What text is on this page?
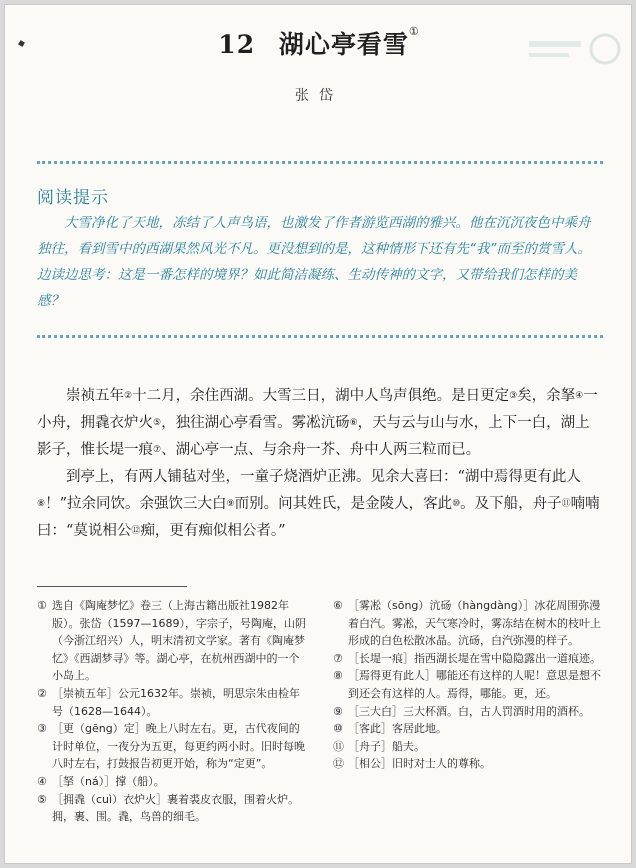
12 湖心亭看雪①
张岱
阅读提示

大雪净化了天地，冻结了人声鸟语，也激发了作者游览西湖的雅兴。他在沉沉夜色中乘舟独往，看到雪中的西湖果然风光不凡。更没想到的是，这种情形下还有先“我”而至的赏雪人。边读边思考：这是一番怎样的境界？如此简洁凝练、生动传神的文字，又带给我们怎样的美感？

崇祯五年②十二月，余住西湖。大雪三日，湖中人鸟声俱绝。是日更定③矣，余拏④一小舟，拥毳衣炉火⑤，独往湖心亭看雪。雾凇沆砀⑥，天与云与山与水，上下一白，湖上影子，惟长堤一痕⑦、湖心亭一点、与余舟一芥、舟中人两三粒而已。

到亭上，有两人铺毡对坐，一童子烧酒炉正沸。见余大喜曰：“湖中焉得更有此人⑧！”拉余同饮。余强饮三大白⑨而别。问其姓氏，是金陵人，客此⑩。及下船，舟子⑪喃喃曰：“莫说相公⑫痴，更有痴似相公者。”

① 选自《陶庵梦忆》卷三（上海古籍出版社1982年版）。张岱（1597—1689），字宗子，号陶庵，山阴（今浙江绍兴）人，明末清初文学家。著有《陶庵梦忆》《西湖梦寻》等。湖心亭，在杭州西湖中的一个小岛上。
② ［崇祯五年］公元1632年。崇祯，明思宗朱由检年号（1628—1644）。
③ ［更（gēng）定］晚上八时左右。更，古代夜间的计时单位，一夜分为五更，每更约两小时。旧时每晚八时左右，打鼓报告初更开始，称为“定更”。
④ ［拏（ná）］撑（船）。
⑤ ［拥毳（cuì）衣炉火］裹着裘皮衣服，围着火炉。拥，裹、围。毳，鸟兽的细毛。
⑥ ［雾凇（sōng）沆砀（hàngdàng）］冰花周围弥漫着白汽。雾凇，天气寒冷时，雾冻结在树木的枝叶上形成的白色松散冰晶。沆砀，白汽弥漫的样子。
⑦ ［长堤一痕］指西湖长堤在雪中隐隐露出一道痕迹。
⑧ ［焉得更有此人］哪能还有这样的人呢！意思是想不到还会有这样的人。焉得，哪能。更，还。
⑨ ［三大白］三大杯酒。白，古人罚酒时用的酒杯。
⑩ ［客此］客居此地。
⑪ ［舟子］船夫。
⑫ ［相公］旧时对士人的尊称。
